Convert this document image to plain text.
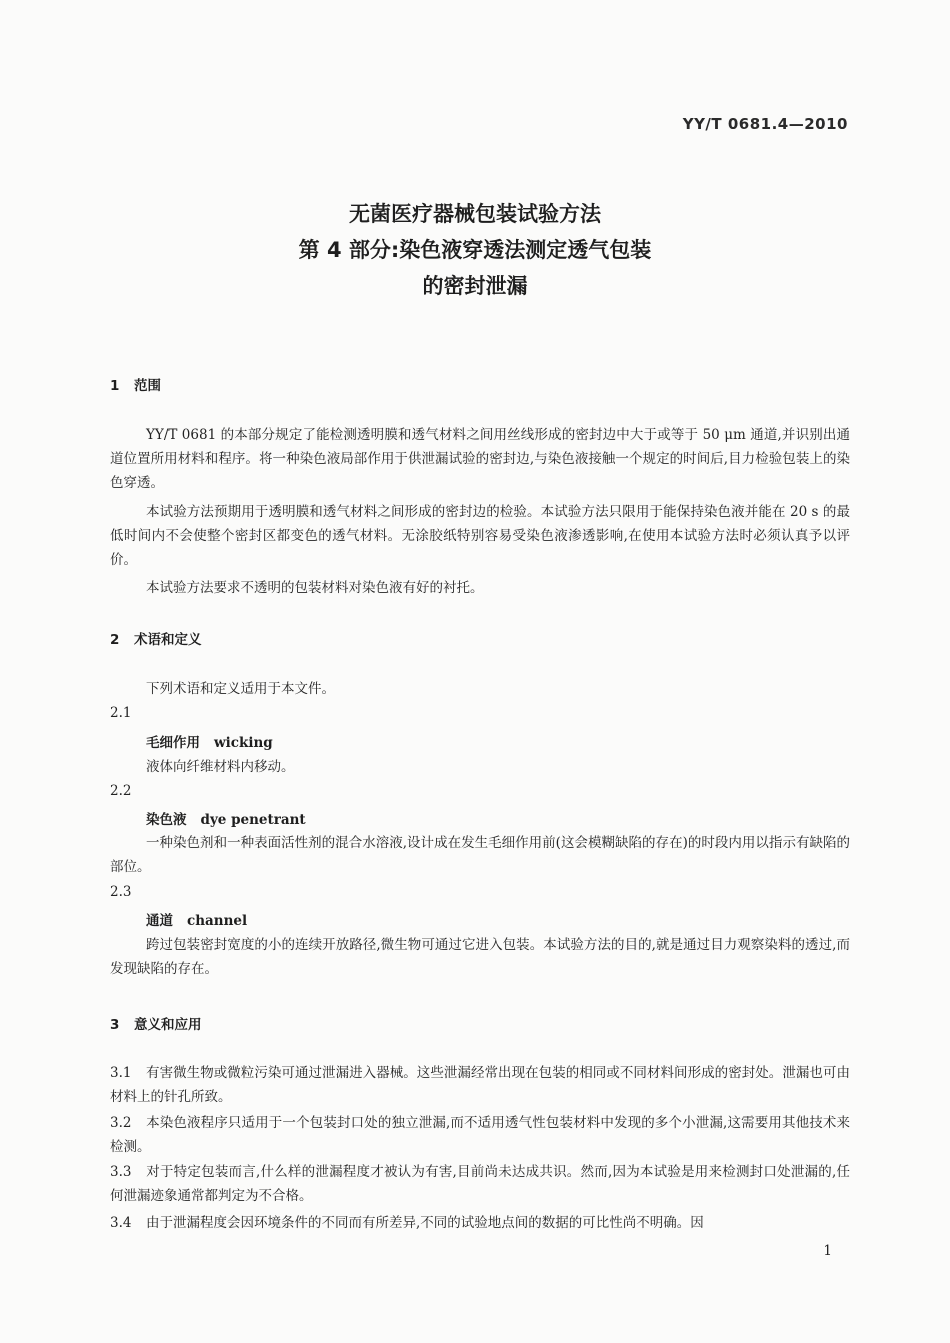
YY/T 0681.4—2010
无菌医疗器械包装试验方法
第 4 部分:染色液穿透法测定透气包装
的密封泄漏
1 范围
YY/T 0681 的本部分规定了能检测透明膜和透气材料之间用丝线形成的密封边中大于或等于 50 μm 通道,并识别出通道位置所用材料和程序。将一种染色液局部作用于供泄漏试验的密封边,与染色液接触一个规定的时间后,目力检验包装上的染色穿透。
本试验方法预期用于透明膜和透气材料之间形成的密封边的检验。本试验方法只限用于能保持染色液并能在 20 s 的最低时间内不会使整个密封区都变色的透气材料。无涂胶纸特别容易受染色液渗透影响,在使用本试验方法时必须认真予以评价。
本试验方法要求不透明的包装材料对染色液有好的衬托。
2 术语和定义
下列术语和定义适用于本文件。
2.1
毛细作用 wicking
液体向纤维材料内移动。
2.2
染色液 dye penetrant
一种染色剂和一种表面活性剂的混合水溶液,设计成在发生毛细作用前(这会模糊缺陷的存在)的时段内用以指示有缺陷的部位。
2.3
通道 channel
跨过包装密封宽度的小的连续开放路径,微生物可通过它进入包装。本试验方法的目的,就是通过目力观察染料的透过,而发现缺陷的存在。
3 意义和应用
3.1 有害微生物或微粒污染可通过泄漏进入器械。这些泄漏经常出现在包装的相同或不同材料间形成的密封处。泄漏也可由材料上的针孔所致。
3.2 本染色液程序只适用于一个包装封口处的独立泄漏,而不适用透气性包装材料中发现的多个小泄漏,这需要用其他技术来检测。
3.3 对于特定包装而言,什么样的泄漏程度才被认为有害,目前尚未达成共识。然而,因为本试验是用来检测封口处泄漏的,任何泄漏迹象通常都判定为不合格。
3.4 由于泄漏程度会因环境条件的不同而有所差异,不同的试验地点间的数据的可比性尚不明确。因
1
